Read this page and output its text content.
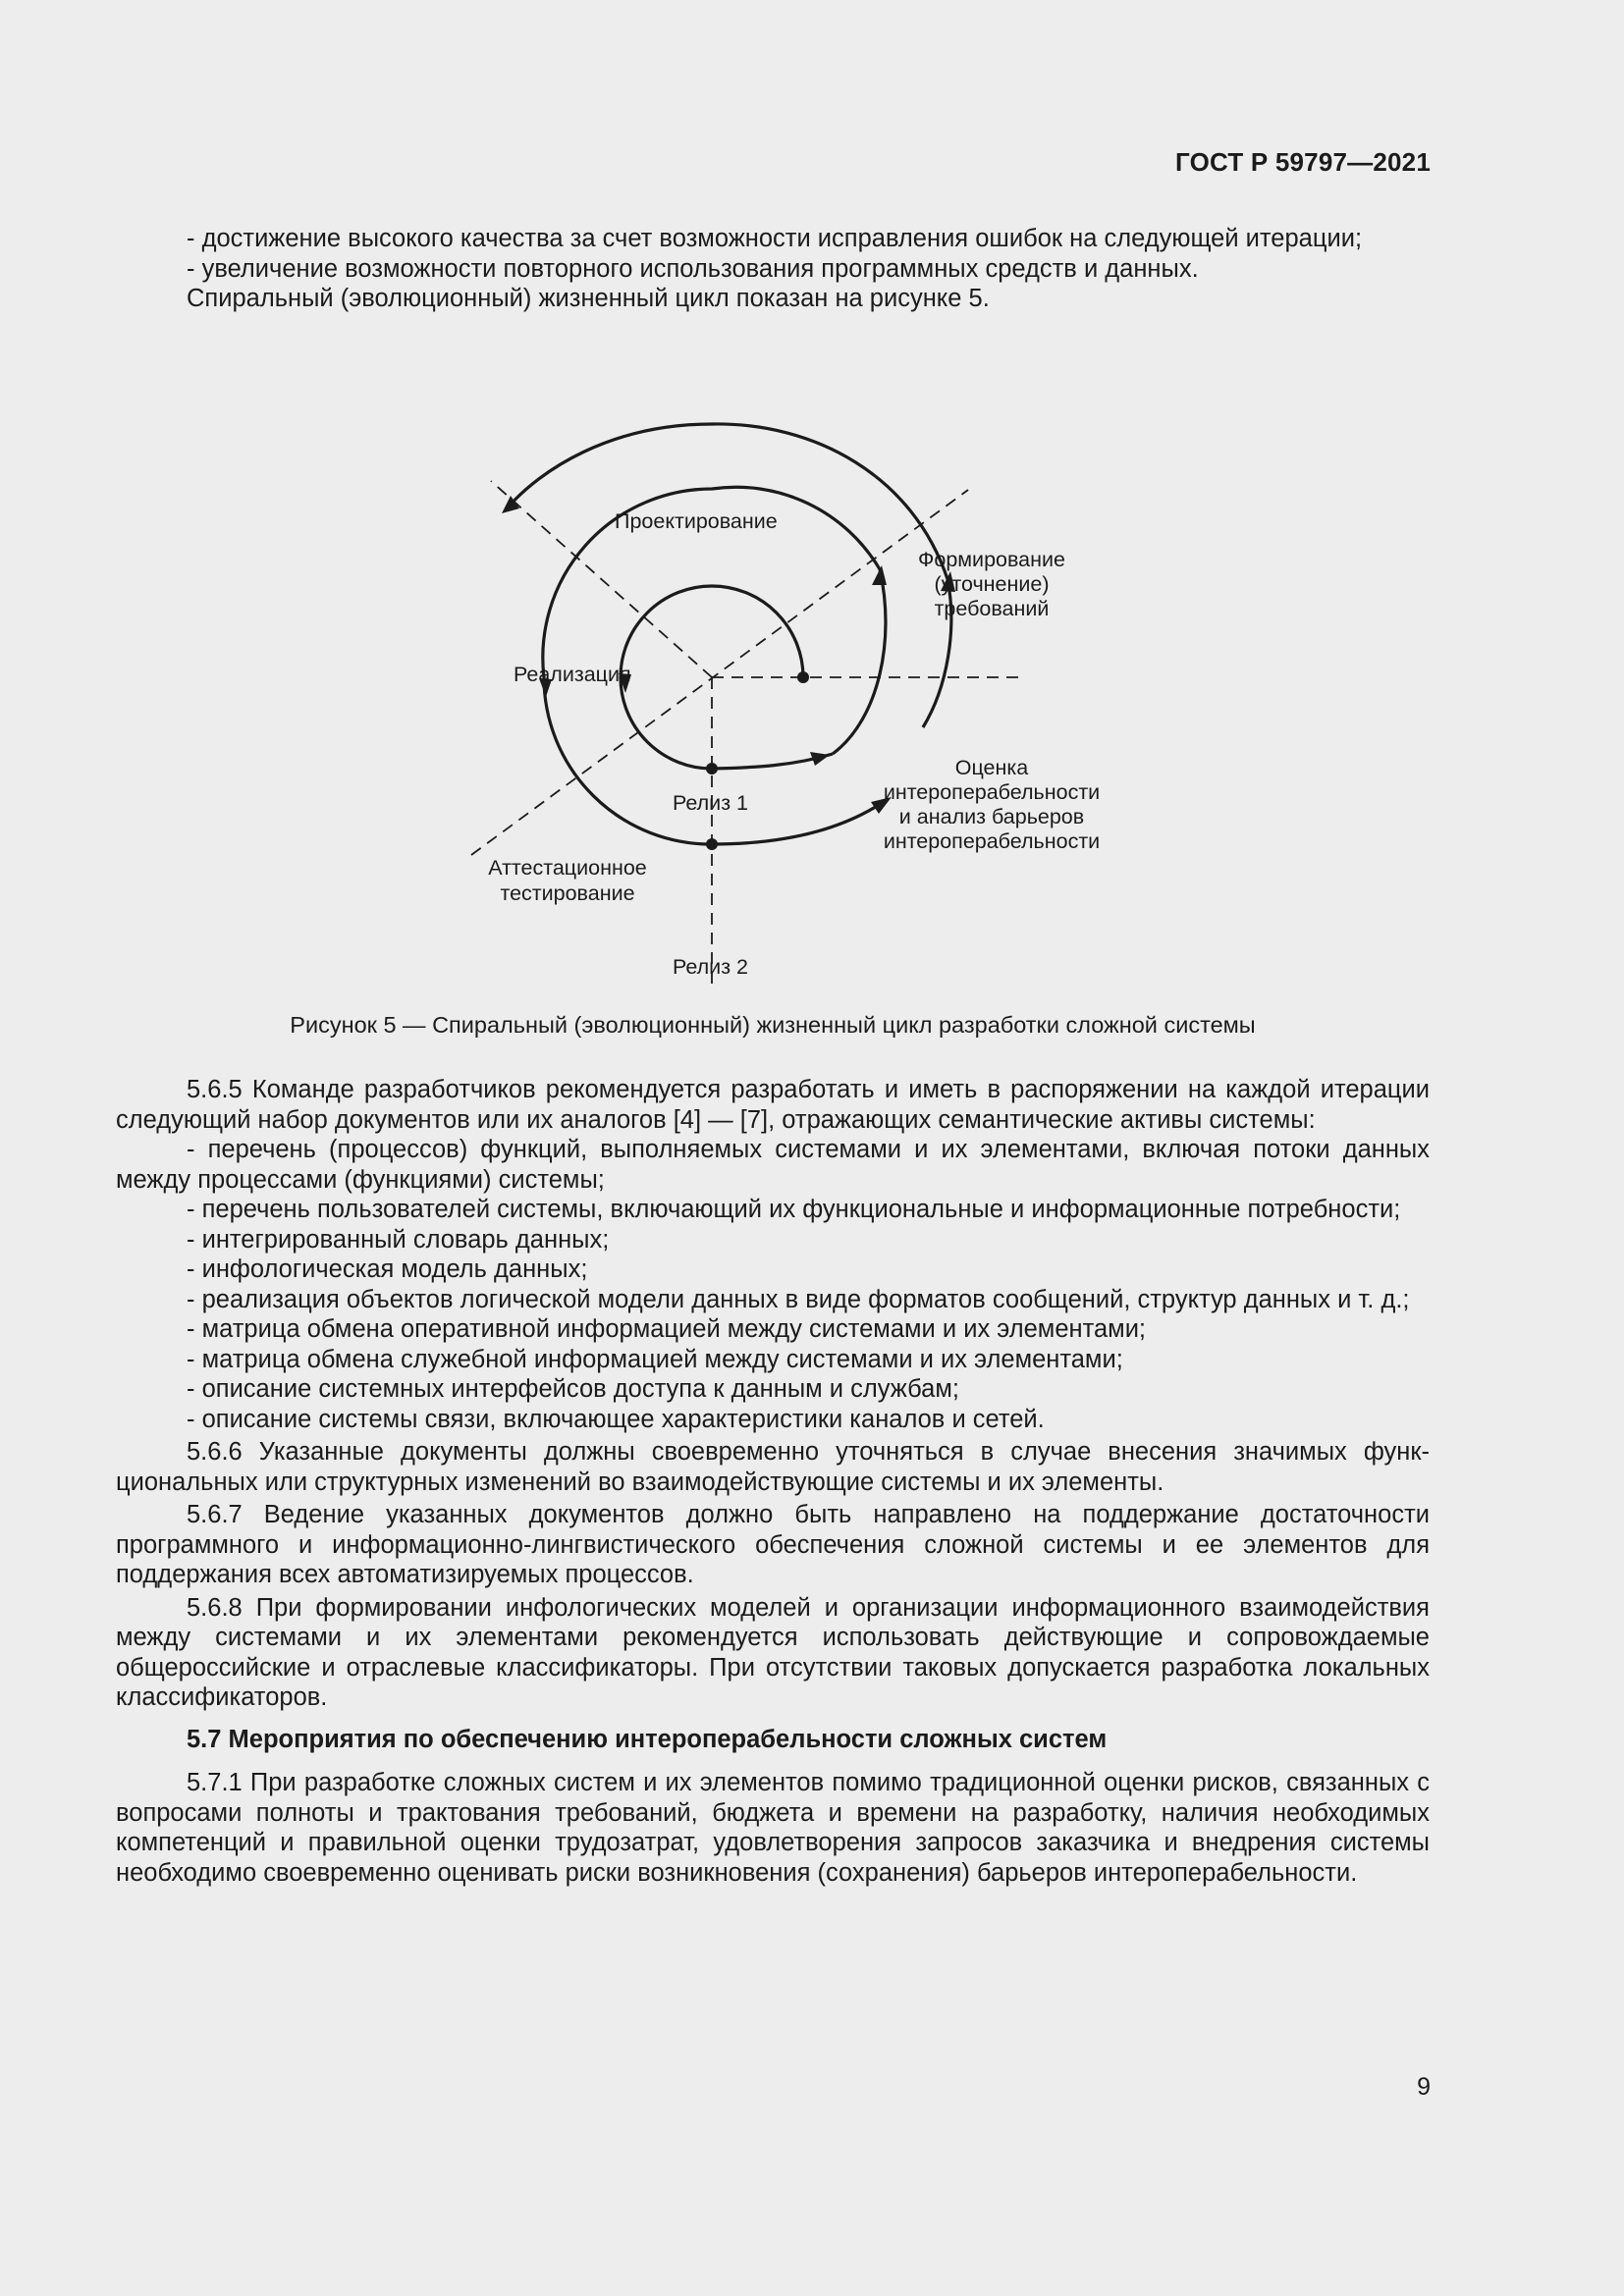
ГОСТ Р 59797—2021

- достижение высокого качества за счет возможности исправления ошибок на следующей итерации;

- увеличение возможности повторного использования программных средств и данных.

Спиральный (эволюционный) жизненный цикл показан на рисунке 5.

Проектирование
Формирование
(уточнение)
требований
Реализация
Оценка
интероперабельности
и анализ барьеров
интероперабельности
Релиз 1
Аттестационное
тестирование
Релиз 2
Рисунок 5 — Спиральный (эволюционный) жизненный цикл разработки сложной системы

5.6.5 Команде разработчиков рекомендуется разработать и иметь в распоряжении на каждой итерации следующий набор документов или их аналогов [4] — [7], отражающих семантические активы системы:

- перечень (процессов) функций, выполняемых системами и их элементами, включая потоки данных между процессами (функциями) системы;

- перечень пользователей системы, включающий их функциональные и информационные потребности;

- интегрированный словарь данных;

- инфологическая модель данных;

- реализация объектов логической модели данных в виде форматов сообщений, структур данных и т. д.;

- матрица обмена оперативной информацией между системами и их элементами;

- матрица обмена служебной информацией между системами и их элементами;

- описание системных интерфейсов доступа к данным и службам;

- описание системы связи, включающее характеристики каналов и сетей.

5.6.6 Указанные документы должны своевременно уточняться в случае внесения значимых функциональных или структурных изменений во взаимодействующие системы и их элементы.

5.6.7 Ведение указанных документов должно быть направлено на поддержание достаточности программного и информационно-лингвистического обеспечения сложной системы и ее элементов для поддержания всех автоматизируемых процессов.

5.6.8 При формировании инфологических моделей и организации информационного взаимодействия между системами и их элементами рекомендуется использовать действующие и сопровождаемые общероссийские и отраслевые классификаторы. При отсутствии таковых допускается разработка локальных классификаторов.

5.7 Мероприятия по обеспечению интероперабельности сложных систем

5.7.1 При разработке сложных систем и их элементов помимо традиционной оценки рисков, связанных с вопросами полноты и трактования требований, бюджета и времени на разработку, наличия необходимых компетенций и правильной оценки трудозатрат, удовлетворения запросов заказчика и внедрения системы необходимо своевременно оценивать риски возникновения (сохранения) барьеров интероперабельности.

9
